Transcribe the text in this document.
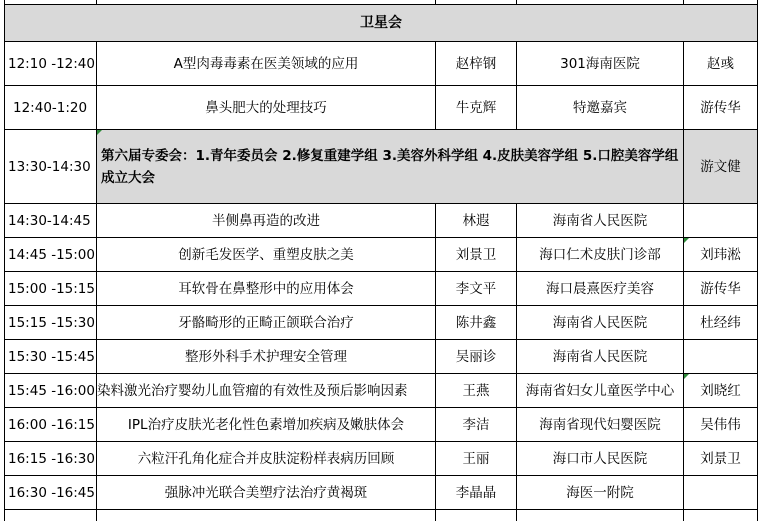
卫星会				
12:10 -12:40	A型肉毒毒素在医美领域的应用	赵梓钢	301海南医院	赵彧
12:40-1:20	鼻头肥大的处理技巧	牛克辉	特邀嘉宾	游传华
13:30-14:30	第六届专委会：1.青年委员会 2.修复重建学组 3.美容外科学组 4.皮肤美容学组 5.口腔美容学组 成立大会			游文健
14:30-14:45	半侧鼻再造的改进	林遐	海南省人民医院	
14:45 -15:00	创新毛发医学、重塑皮肤之美	刘景卫	海口仁术皮肤门诊部	刘玮淞
15:00 -15:15	耳软骨在鼻整形中的应用体会	李文平	海口晨熹医疗美容	游传华
15:15 -15:30	牙骼畸形的正畸正颌联合治疗	陈井鑫	海南省人民医院	杜经纬
15:30 -15:45	整形外科手术护理安全管理	吴丽诊	海南省人民医院	
15:45 -16:00	染料激光治疗婴幼儿血管瘤的有效性及预后影响因素	王燕	海南省妇女儿童医学中心	刘晓红
16:00 -16:15	IPL治疗皮肤光老化性色素增加疾病及嫩肤体会	李洁	海南省现代妇婴医院	吴伟伟
16:15 -16:30	六粒汗孔角化症合并皮肤淀粉样表病历回顾	王丽	海口市人民医院	刘景卫
16:30 -16:45	强脉冲光联合美塑疗法治疗黄褐斑	李晶晶	海医一附院	
